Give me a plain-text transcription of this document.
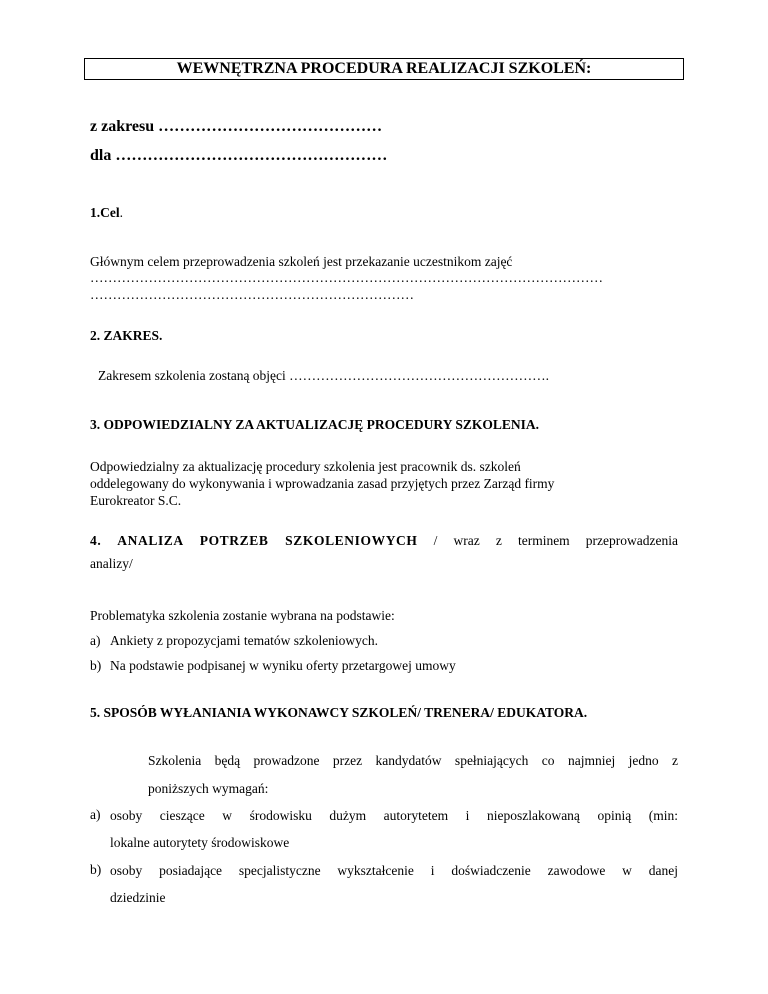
WEWNĘTRZNA PROCEDURA REALIZACJI SZKOLEŃ:
z zakresu ……………………………………
dla ……………………………………………
1.Cel.
Głównym celem przeprowadzenia szkoleń jest przekazanie uczestnikom zajęć
……………………………………………………………………………………………………
………………………………………………………………
2. ZAKRES.
Zakresem szkolenia zostaną objęci ………………………………………………….
3. ODPOWIEDZIALNY ZA AKTUALIZACJĘ PROCEDURY SZKOLENIA.
Odpowiedzialny za aktualizację procedury szkolenia jest pracownik ds. szkoleń
oddelegowany do wykonywania i wprowadzania zasad przyjętych przez Zarząd firmy
Eurokreator S.C.
4. ANALIZA POTRZEB SZKOLENIOWYCH / wraz z terminem przeprowadzenia
analizy/
Problematyka szkolenia zostanie wybrana na podstawie:
a) Ankiety z propozycjami tematów szkoleniowych.
b) Na podstawie podpisanej w wyniku oferty przetargowej umowy
5. SPOSÓB WYŁANIANIA WYKONAWCY SZKOLEŃ/ TRENERA/ EDUKATORA.
Szkolenia będą prowadzone przez kandydatów spełniających co najmniej jedno z
poniższych wymagań:
a) osoby cieszące w środowisku dużym autorytetem i nieposzlakowaną opinią (min:
lokalne autorytety środowiskowe
b) osoby posiadające specjalistyczne wykształcenie i doświadczenie zawodowe w danej
dziedzinie
